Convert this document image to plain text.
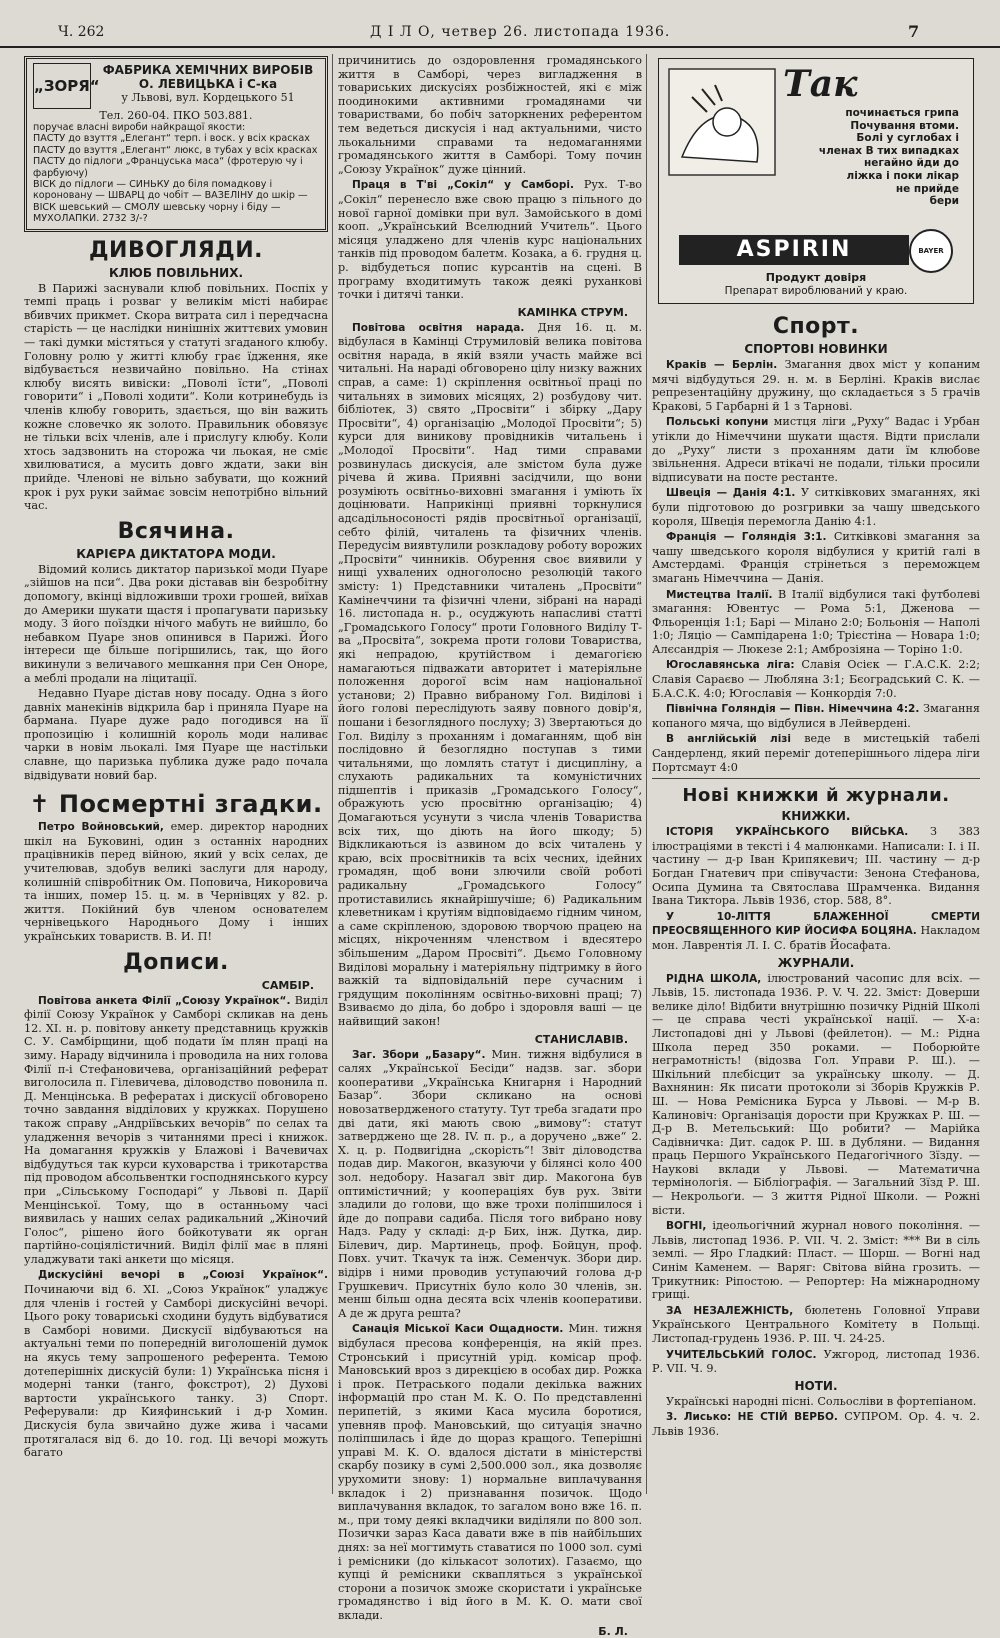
Ч. 262	Д І Л О, четвер 26. листопада 1936.	7
„ЗОРЯ“
ФАБРИКА ХЕМІЧНИХ ВИРОБІВ
О. ЛЕВИЦЬКА і С-ка
у Львові, вул. Кордецького 51
Тел. 260-04. ПКО 503.881.
поручає власні вироби найкращої якости:
ПАСТУ до взуття „Елегант“ терп. і воск. у всіх красках
ПАСТУ до взуття „Елегант“ люкс, в тубах у всіх красках
ПАСТУ до підлоги „Француська маса“ (фротерую чу і фарбуючу)
ВІСК до підлоги — СИНЬКУ до біля помадкову і короновану — ШВАРЦ до чобіт — ВАЗЕЛІНУ до шкір — ВІСК шевський — СМОЛУ шевську чорну і біду — МУХОЛАПКИ. 2732 3/-?
ДИВОГЛЯДИ.
КЛЮБ ПОВІЛЬНИХ.

В Парижі заснували клюб повільних. Поспіх у темпі праць і розваг у великім місті набирає вбивчих прикмет. Скора витрата сил і передчасна старість — це наслідки нинішніх життєвих умовин — такі думки містяться у статуті згаданого клюбу. Головну ролю у житті клюбу грає їдження, яке відбувається незвичайно повільно. На стінах клюбу висять вивіски: „Поволі їсти“, „Поволі говорити“ і „Поволі ходити“. Коли котринебудь із членів клюбу говорить, здається, що він важить кожне словечко як золото. Правильник обовязує не тільки всіх членів, але і прислугу клюбу. Коли хтось задзвонить на сторожа чи льокая, не сміє хвилюватися, а мусить довго ждати, заки він прийде. Членові не вільно забувати, що кожний крок і рух руки займає зовсім непотрібно вільний час.

Всячина.
КАРІЄРА ДИКТАТОРА МОДИ.

Відомий колись диктатор паризької моди Пуаре „зійшов на пси“. Два роки діставав він безробітну допомогу, вкінці відложивши трохи грошей, виїхав до Америки шукати щастя і пропагувати паризьку моду. З його поїздки нічого мабуть не вийшло, бо небавком Пуаре знов опинився в Парижі. Його інтереси ще більше погіршились, так, що його викинули з величавого мешкання при Сен Оноре, а меблі продали на ліцитації.

Недавно Пуаре дістав нову посаду. Одна з його давніх манекінів відкрила бар і приняла Пуаре на бармана. Пуаре дуже радо погодився на її пропозицію і колишній король моди наливає чарки в новім льокалі. Імя Пуаре ще настільки славне, що паризька публика дуже радо почала відвідувати новий бар.

✝ Посмертні згадки.

Петро Войновський, емер. директор народних шкіл на Буковині, один з останніх народних працівників перед війною, який у всіх селах, де учителював, здобув великі заслуги для народу, колишній співробітник Ом. Поповича, Никоровича та інших, помер 15. ц. м. в Чернівцях у 82. р. життя. Покійний був членом основателем чернівецького Народнього Дому і інших українських товариств. В. И. П!

Дописи.
САМБІР.

Повітова анкета Філії „Союзу Українок“. Виділ філії Союзу Українок у Самборі скликав на день 12. XI. н. р. повітову анкету представниць кружків С. У. Самбірщини, щоб подати їм плян праці на зиму. Нараду відчинила і проводила на них голова Філії п-і Стефановичева, організаційний реферат виголосила п. Гілевичева, діловодство повонила п. Д. Менцінська. В рефератах і дискусії обговорено точно завдання відділових у кружках. Порушено також справу „Андріївських вечорів“ по селах та уладження вечорів з читаннями пресі і книжок. На домагання кружків у Блажові і Вачевичах відбудуться так курси куховарства і трикотарства під проводом абсольвентки господнянського курсу при „Сільському Господарі“ у Львові п. Дарії Менцінської. Тому, що в останньому часі виявилась у наших селах радикальний „Жіночий Голос“, рішено його бойкотувати як орган партійно-соціялістичний. Виділ філії має в пляні уладжувати такі анкети що місяця.

Дискусійні вечорі в „Союзі Українок“. Починаючи від 6. XI. „Союз Українок“ уладжує для членів і гостей у Самборі дискусійні вечорі. Цього року товариські сходини будуть відбуватися в Самборі новими. Дискусії відбуваються на актуальні теми по попередній виголошеній думок на якусь тему запрошеного референта. Темою дотеперішніх дискусій були: 1) Українська пісня і модерні танки (танго, фокстрот), 2) Духові вартости українського танку. 3) Спорт. Реферували: др Кияфинський і д-р Хомин. Дискусія була звичайно дуже жива і часами протягалася від 6. до 10. год. Ці вечорі можуть багато

причинитись до оздоровлення громадянського життя в Самборі, через вигладження в товариських дискусіях розбіжностей, які є між поодинокими активними громадянами чи товариствами, бо побіч заторкнених референтом тем ведеться дискусія і над актуальними, чисто льокальними справами та недомаганнями громадянського життя в Самборі. Тому почин „Союзу Українок“ дуже цінний.

Праця в Т'ві „Сокіл“ у Самборі. Рух. Т-во „Сокіл“ перенесло вже свою працю з пільного до нової гарної домівки при вул. Замойського в домі коoп. „Український Вселюдний Учитель“. Цього місяця уладжено для членів курс національних танків під проводом балетм. Козака, а 6. грудня ц. р. відбудеться попис курсантів на сцені. В програму входитимуть також деякі руханкові точки і дитячі танки.

КАМІНКА СТРУМ.

Повітова освітня нарада. Дня 16. ц. м. відбулася в Камінці Струмиловій велика повітова освітня нарада, в якій взяли участь майже всі читальні. На нараді обговорено цілу низку важних справ, а саме: 1) скріплення освітньої праці по читальнях в зимових місяцях, 2) розбудову чит. бібліотек, 3) свято „Просвіти“ і збірку „Дару Просвіти“, 4) організацію „Молодої Просвіти“; 5) курси для виникову провідників читальень і „Молодої Просвіти“. Над тими справами розвинулась дискусія, але змістом була дуже річева й жива. Приявні засідчили, що вони розуміють освітньо-виховні змагання і уміють їх доцінювати. Наприкінці приявні торкнулися адсадільносоності рядів просвітньої організації, себто філій, читалень та фізичних членів. Передусім виявтулили розкладову роботу ворожих „Просвіти“ чинників. Обурення своє виявили у нищі ухвалених одноголосно резолюцій такого змісту: 1) Представники читалень „Просвіти“ Камінеччини та фізичні члени, зібрані на нараді 16. листопада н. р., осуджують напасливі статті „Громадського Голосу“ проти Головного Виділу Т-ва „Просвіта“, зокрема проти голови Товариства, які непрадою, крутійством і демагогією намагаються підважати авторитет і матеріяльне положення дорогої всім нам національної установи; 2) Правно вибраному Гол. Виділові і його голові переслідують заяву повного довір'я, пошани і безоглядного послуху; 3) Звертаються до Гол. Виділу з проханням і домаганням, щоб він послідовно й безоглядно поступав з тими читальнями, що ломлять статут і дисципліну, а слухають радикальних та комуністичних підшептів і приказів „Громадського Голосу“, ображують усю просвітню організацію; 4) Домагаються усунути з числа членів Товариства всіх тих, що діють на його шкоду; 5) Відкликаються із азвином до всіх читалень у краю, всіх просвітників та всіх чесних, ідейних громадян, щоб вони злючили своїй роботі радикальну „Громадського Голосу“ протиставились якнайрішучіше; 6) Радикальним клеветникам і крутіям відповідаємо гідним чином, а саме скріпленою, здоровою творчою працею на місцях, нікроченням членством і вдесятеро збільшеним „Даром Просвіті“. Дьємо Головному Виділові моральну і матеріяльну підтримку в його важкій та відповідальній пере сучасним і грядущим поколінням освітньо-виховні праці; 7) Взиваємо до діла, бо добро і здоровля ваші — це найвищий закон!

СТАНИСЛАВІВ.

Заг. Збори „Базару“. Мин. тижня відбулися в салях „Української Бесіди“ надзв. заг. збори кооперативи „Українська Книгарня і Народний Базар“. Збори скликано на основі новозатвердженого статуту. Тут треба згадати про дві дати, які мають свою „вимову“: статут затверджено ще 28. IV. п. р., а доручено „вже“ 2. X. ц. р. Подвигідна „скорість“! Звіт діловодства подав дир. Макогон, вказуючи у білянсі коло 400 зол. недобору. Назагал звіт дир. Макогона був оптимістичний; у коопераціях був рух. Звіти зладили до голови, що вже трохи поліпшилося і йде до поправи садиба. Після того вибрано нову Надз. Раду у складі: д-р Бих, інж. Дутка, дир. Білевич, дир. Мартинець, проф. Бойцун, проф. Повх. учит. Ткачук та інж. Семенчук. Збори дир. відірв і ними проводив уступаючий голова д-р Грушкевич. Присутніх було коло 30 членів, зн. менш більш одна десята всіх членів кооперативи. А де ж друга решта?

Санація Міської Каси Ощадности. Мин. тижня відбулася пресова конференція, на якій през. Стронський і присутній урід. комісар проф. Мановський вроз з дирекцією в особах дир. Рожка і прок. Петраського подали декілька важних інформацій про стан М. К. О. По представленні перипетій, з якими Каса мусила боротися, упевняв проф. Мановський, що ситуація значно поліпшилась і йде до щораз кращого. Теперішні управі М. К. О. вдалося дістати в міністерстві скарбу позику в сумі 2,500.000 зол., яка дозволяє урухомити знову: 1) нормальне виплачування вкладок і 2) признавання позичок. Щодо виплачування вкладок, то загалом воно вже 16. п. м., при тому деякі вкладчики виділяли по 800 зол. Позички зараз Каса давати вже в пів найбільших днях: за неї могтимуть ставатися по 1000 зол. сумі і ремісники (до кількасот золотих). Газаємо, що купці й ремісники сквапляться з української сторони а позичок зможе скористати і українське громадянство і від його в М. К. О. мати свої вклади.

Б. Л.
Так
починається грипа
Почування втоми.
Болі у суглобах і
членах В тих випадках негайно йди до
ліжка і поки лікар
не прийде
бери
ASPIRIN	BAYER
Продукт довіря
Препарат вироблюваний у краю.
Спорт.
СПОРТОВІ НОВИНКИ

Краків — Берлін. Змагання двох міст у копаним мячі відбудуться 29. н. м. в Берліні. Краків вислає репрезентаційну дружину, що складається з 5 грачів Кракові, 5 Гарбарні й 1 з Тарнові.

Польські копуни мистця ліги „Руху“ Вадас і Урбан утікли до Німеччини шукати щастя. Відти прислали до „Руху“ листи з проханням дати їм клюбове звільнення. Адреси втікачі не подали, тільки просили відписувати на посте рестанте.

Швеція — Данія 4:1. У ситківкових змаганнях, які були підготовою до розгривки за чашу шведського короля, Швеція перемогла Данію 4:1.

Франція — Голяндія 3:1. Ситківкові змагання за чашу шведського короля відбулися у критій галі в Амстердамі. Франція стрінеться з переможцем змагань Німеччина — Данія.

Мистецтва Італії. В Італії відбулися такі футболеві змагання: Ювентус — Рома 5:1, Дженова — Фльоренція 1:1; Барі — Мілано 2:0; Больонія — Наполі 1:0; Ляціо — Сампідарена 1:0; Трієстіна — Новара 1:0; Алєсандрія — Люкезе 2:1; Амброзіяна — Торіно 1:0.

Югославянська ліга: Славія Осієк — Г.А.С.К. 2:2; Славія Сараєво — Любляна 3:1; Бєоградський С. К. — Б.А.С.К. 4:0; Югославія — Конкордія 7:0.

Північна Голяндія — Півн. Німеччина 4:2. Змагання копаного мяча, що відбулися в Лейвердені.

В англійській лізі веде в мистецькій табелі Сандерленд, який переміг дотеперішнього лідера ліги Портсмаут 4:0

Нові книжки й журнали.
КНИЖКИ.

ІСТОРІЯ УКРАЇНСЬКОГО ВІЙСЬКА. З 383 ілюстраціями в тексті і 4 малюнками. Написали: І. і II. частину — д-р Іван Крипякевич; III. частину — д-р Богдан Гнатевич при співучасти: Зенона Стефанова, Осипа Думина та Святослава Шрамченка. Видання Івана Тиктора. Львів 1936, стор. 588, 8°.

У 10-ЛІТТЯ БЛАЖЕННОЇ СМЕРТИ ПРЕОСВЯЩЕННОГО КИР ЙОСИФА БОЦЯНА. Накладом мон. Лаврентія Л. І. С. братів Йосафата.

ЖУРНАЛИ.

РІДНА ШКОЛА, ілюстрований часопис для всіх. — Львів, 15. листопада 1936. Р. V. Ч. 22. Зміст: Доверши велике діло! Відбити внутрішню позичку Рідній Школі — це справа честі української нації. — Х-а: Листопадові дні у Львові (фейлетон). — М.: Рідна Школа перед 350 роками. — Поборюйте неграмотність! (відозва Гол. Управи Р. Ш.). — Шкільний плєбісцит за українську школу. — Д. Вахнянин: Як писати протоколи зі Зборів Кружків Р. Ш. — Нова Ремісника Бурса у Львові. — М-р В. Калиновіч: Організація дорости при Кружках Р. Ш. — Д-р В. Метельський: Що робити? — Марійка Садівничка: Дит. садок Р. Ш. в Дубляни. — Видання праць Першого Українського Педагогічного Зїзду. — Наукові вклади у Львові. — Математична термінологія. — Бібліографія. — Загальний Зїзд Р. Ш. — Некрольоґи. — З життя Рідної Школи. — Рожні вісти.

ВОГНІ, ідеольогічний журнал нового покоління. — Львів, листопад 1936. Р. VII. Ч. 2. Зміст: *** Ви в сіль землі. — Яро Гладкий: Пласт. — Шорш. — Вогні над Синім Каменем. — Варяг: Світова війна грозить. — Трикутник: Ріпостою. — Репортер: На міжнародному грищі.

ЗА НЕЗАЛЕЖНІСТЬ, бюлетень Головної Управи Українського Центрального Комітету в Польщі. Листопад-грудень 1936. Р. III. Ч. 24-25.

УЧИТЕЛЬСЬКИЙ ГОЛОС. Ужгород, листопад 1936. Р. VII. Ч. 9.

НОТИ.

Українські народні пісні. Сольосліви в фортепіаном.

3. Лисько: НЕ СТІЙ ВЕРБО. СУПРОМ. Ор. 4. ч. 2. Львів 1936.
